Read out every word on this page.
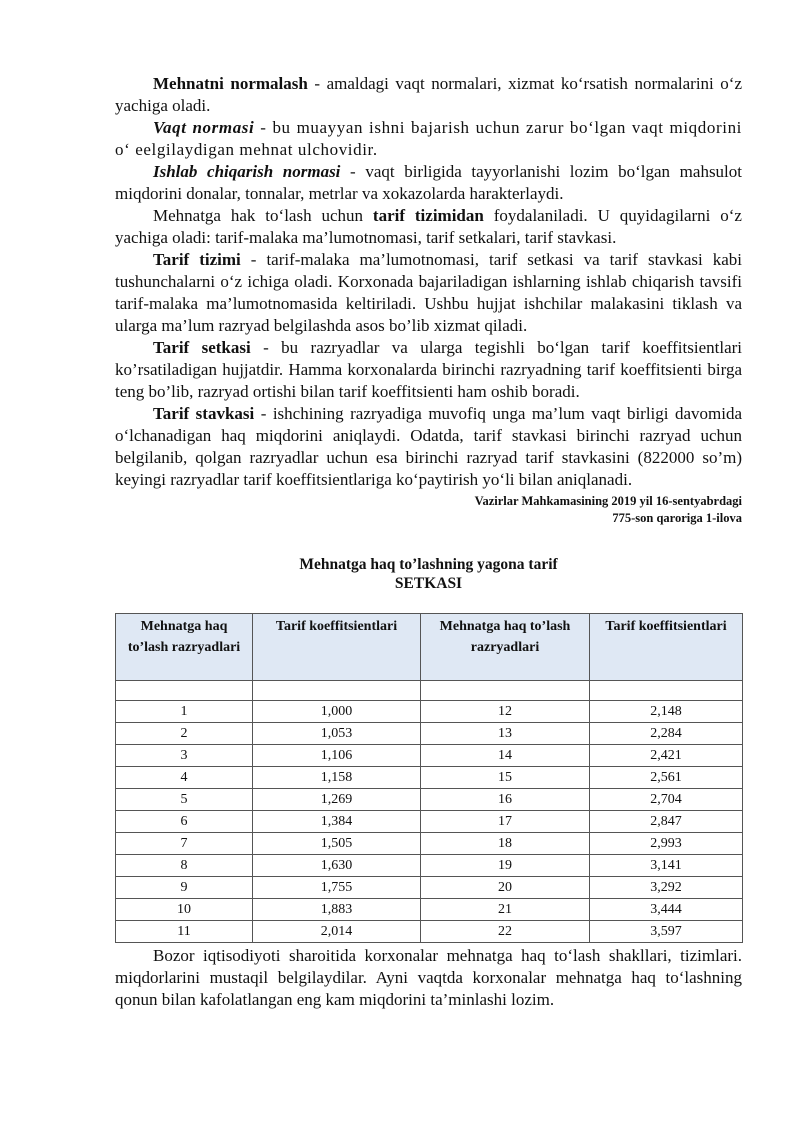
Mehnatni normalash - amaldagi vaqt normalari, xizmat ko‘rsatish normalarini o‘z yachiga oladi.

Vaqt normasi - bu muayyan ishni bajarish uchun zarur bo‘lgan vaqt miqdorini o‘ eelgilaydigan mehnat ulchovidir.

Ishlab chiqarish normasi - vaqt birligida tayyorlanishi lozim bo‘lgan mahsulot miqdorini donalar, tonnalar, metrlar va xokazolarda harakterlaydi.

Mehnatga hak to‘lash uchun tarif tizimidan foydalaniladi. U quyidagilarni o‘z yachiga oladi: tarif-malaka ma’lumotnomasi, tarif setkalari, tarif stavkasi.

Tarif tizimi - tarif-malaka ma’lumotnomasi, tarif setkasi va tarif stavkasi kabi tushunchalarni o‘z ichiga oladi. Korxonada bajariladigan ishlarning ishlab chiqarish tavsifi tarif-malaka ma’lumotnomasida keltiriladi. Ushbu hujjat ishchilar malakasini tiklash va ularga ma’lum razryad belgilashda asos bo’lib xizmat qiladi.

Tarif setkasi - bu razryadlar va ularga tegishli bo‘lgan tarif koeffitsientlari ko’rsatiladigan hujjatdir. Hamma korxonalarda birinchi razryadning tarif koeffitsienti birga teng bo’lib, razryad ortishi bilan tarif koeffitsienti ham oshib boradi.

Tarif stavkasi - ishchining razryadiga muvofiq unga ma’lum vaqt birligi davomida o‘lchanadigan haq miqdorini aniqlaydi. Odatda, tarif stavkasi birinchi razryad uchun belgilanib, qolgan razryadlar uchun esa birinchi razryad tarif stavkasini (822000 so’m) keyingi razryadlar tarif koeffitsientlariga ko‘paytirish yo‘li bilan aniqlanadi.

Vazirlar Mahkamasining 2019 yil 16-sentyabrdagi
775-son qaroriga 1-ilova
Mehnatga haq to’lashning yagona tarif
SETKASI
Mehnatga haq to’lash razryadlari	Tarif koeffitsientlari	Mehnatga haq to’lash razryadlari	Tarif koeffitsientlari

1	1,000	12	2,148
2	1,053	13	2,284
3	1,106	14	2,421
4	1,158	15	2,561
5	1,269	16	2,704
6	1,384	17	2,847
7	1,505	18	2,993
8	1,630	19	3,141
9	1,755	20	3,292
10	1,883	21	3,444
11	2,014	22	3,597

Bozor iqtisodiyoti sharoitida korxonalar mehnatga haq to‘lash shakllari, tizimlari. miqdorlarini mustaqil belgilaydilar. Ayni vaqtda korxonalar mehnatga haq to‘lashning qonun bilan kafolatlangan eng kam miqdorini ta’minlashi lozim.
